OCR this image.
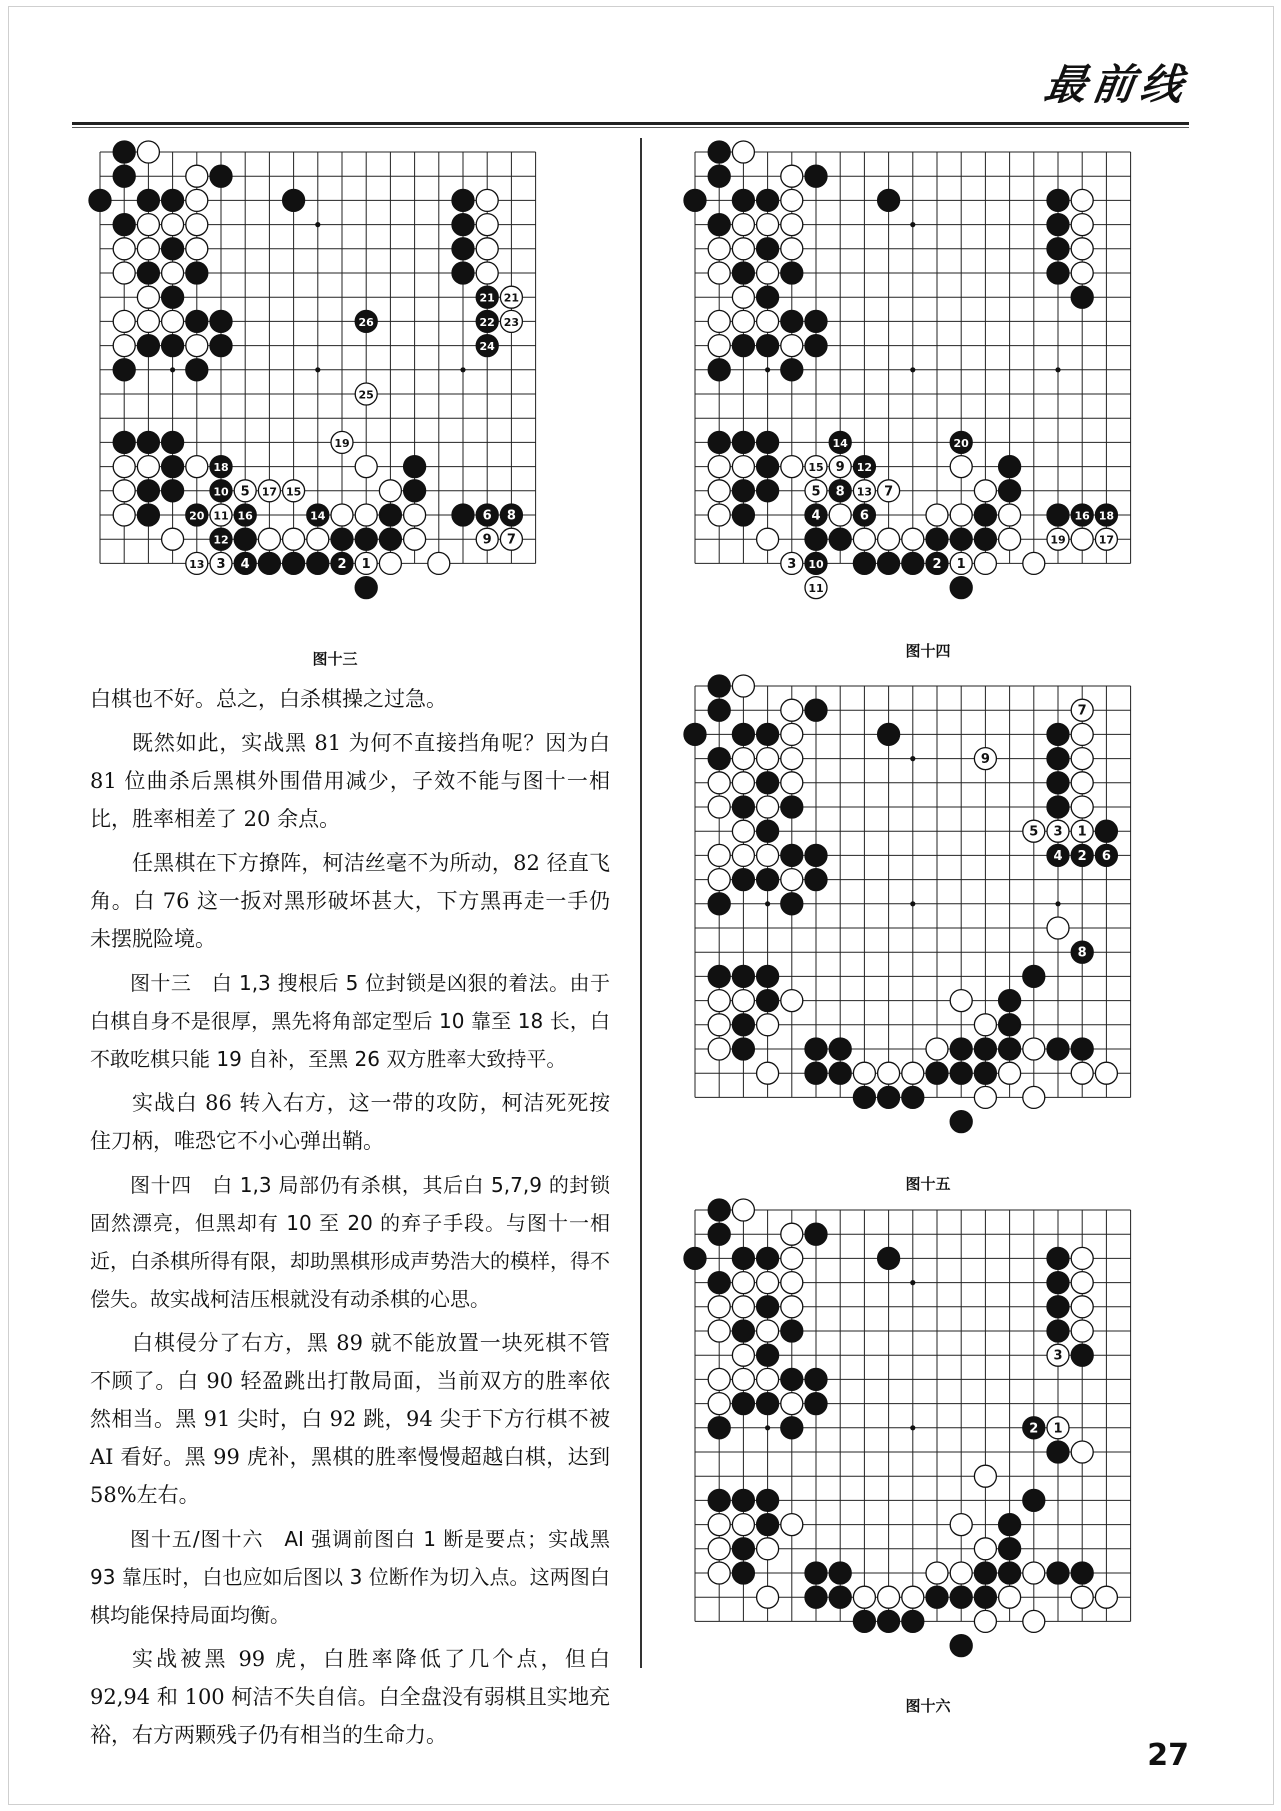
最前线
21 21
26	22 23
24
25
19
18
10 5 17 15
20 11 16	14	6 8
12	9 7
13 3 4	2 1
图十三
14	20
15 9 12
5 8 13 7
4	6	16 18
19	17
3 10	2 1
11
图十四
7
9
5 3 1
4 2 6
8
图十五
3
2 1
图十六

白棋也不好。总之，白杀棋操之过急。

既然如此，实战黑 81 为何不直接挡角呢？因为白 81 位曲杀后黑棋外围借用减少，子效不能与图十一相比，胜率相差了 20 余点。

任黑棋在下方撩阵，柯洁丝毫不为所动，82 径直飞角。白 76 这一扳对黑形破坏甚大，下方黑再走一手仍未摆脱险境。

图十三　白 1,3 搜根后 5 位封锁是凶狠的着法。由于白棋自身不是很厚，黑先将角部定型后 10 靠至 18 长，白不敢吃棋只能 19 自补，至黑 26 双方胜率大致持平。

实战白 86 转入右方，这一带的攻防，柯洁死死按住刀柄，唯恐它不小心弹出鞘。

图十四　白 1,3 局部仍有杀棋，其后白 5,7,9 的封锁固然漂亮，但黑却有 10 至 20 的弃子手段。与图十一相近，白杀棋所得有限，却助黑棋形成声势浩大的模样，得不偿失。故实战柯洁压根就没有动杀棋的心思。

白棋侵分了右方，黑 89 就不能放置一块死棋不管不顾了。白 90 轻盈跳出打散局面，当前双方的胜率依然相当。黑 91 尖时，白 92 跳，94 尖于下方行棋不被 AI 看好。黑 99 虎补，黑棋的胜率慢慢超越白棋，达到 58%左右。

图十五/图十六　AI 强调前图白 1 断是要点；实战黑 93 靠压时，白也应如后图以 3 位断作为切入点。这两图白棋均能保持局面均衡。

实战被黑 99 虎，白胜率降低了几个点，但白 92,94 和 100 柯洁不失自信。白全盘没有弱棋且实地充裕，右方两颗残子仍有相当的生命力。

27
